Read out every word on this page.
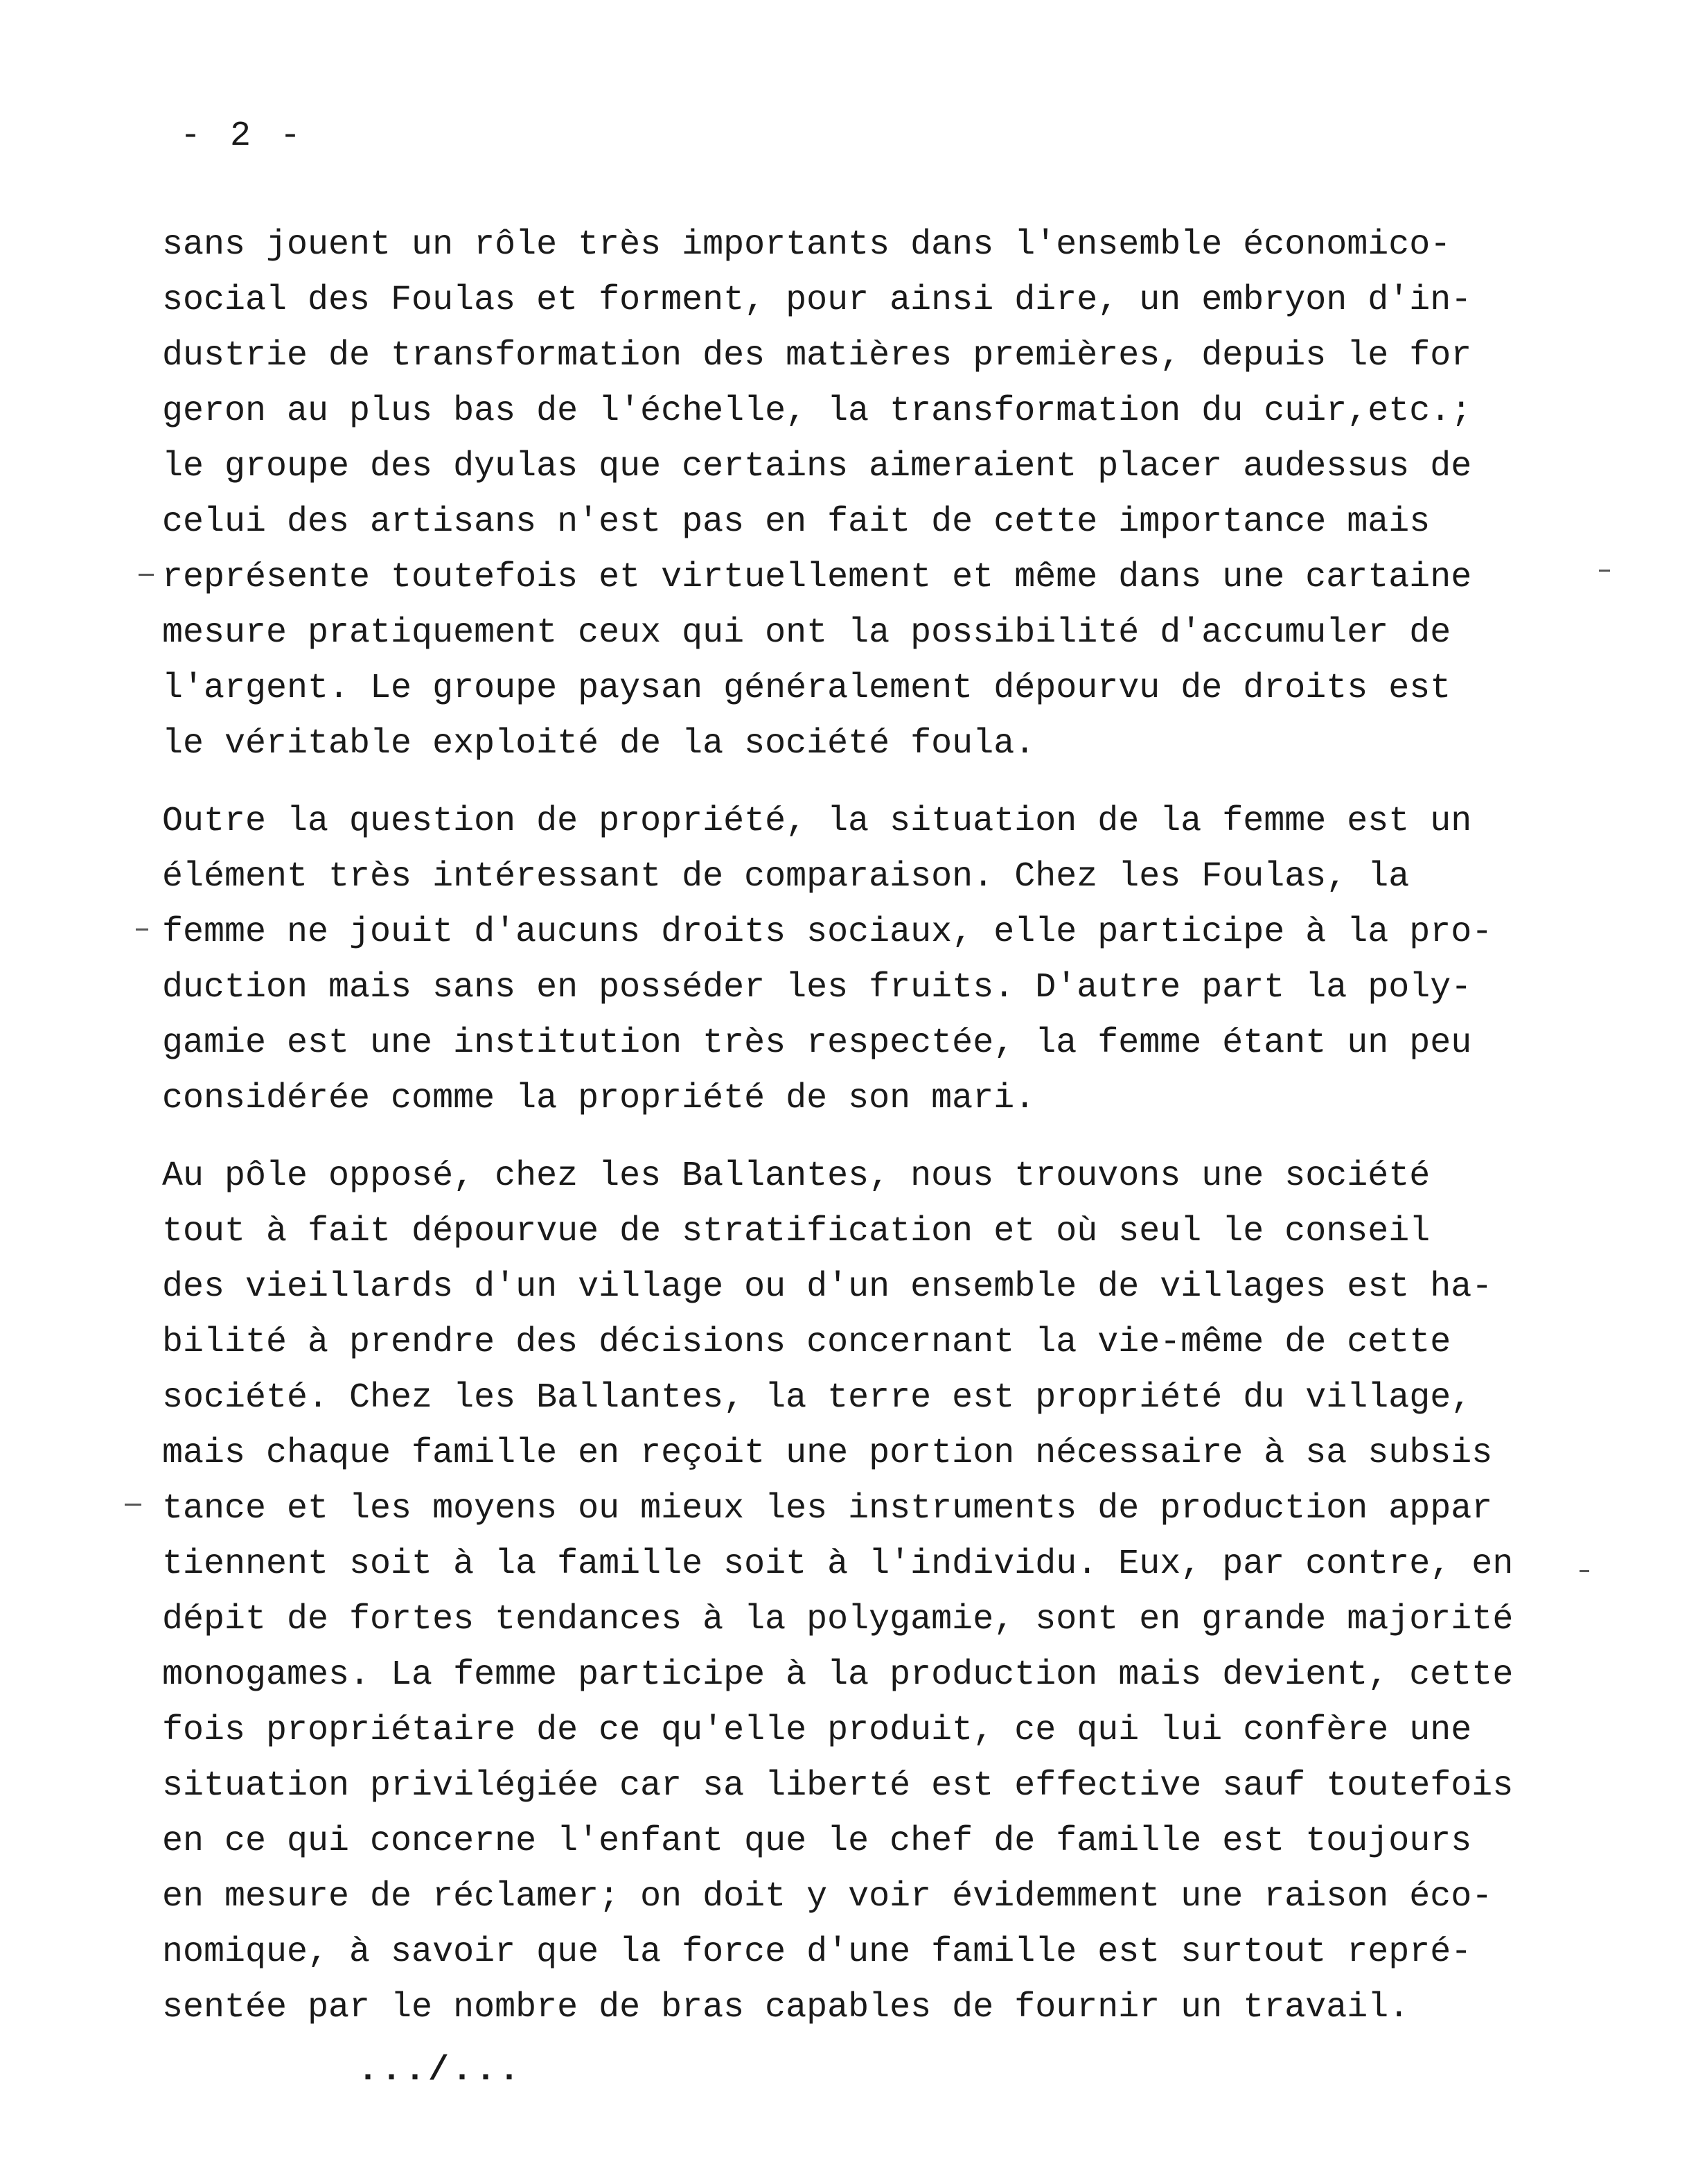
- 2 -
sans jouent un rôle très importants dans l'ensemble économico-
social des Foulas et forment, pour ainsi dire, un embryon d'in-
dustrie de transformation des matières premières, depuis le for
geron au plus bas de l'échelle, la transformation du cuir,etc.;
le groupe des dyulas que certains aimeraient placer audessus de
celui des artisans n'est pas en fait de cette importance mais
représente toutefois et virtuellement et même dans une cartaine
mesure pratiquement ceux qui ont la possibilité d'accumuler de
l'argent. Le groupe paysan généralement dépourvu de droits est
le véritable exploité de la société foula.
Outre la question de propriété, la situation de la femme est un
élément très intéressant de comparaison. Chez les Foulas, la
femme ne jouit d'aucuns droits sociaux, elle participe à la pro-
duction mais sans en posséder les fruits. D'autre part la poly-
gamie est une institution très respectée, la femme étant un peu
considérée comme la propriété de son mari.
Au pôle opposé, chez les Ballantes, nous trouvons une société
tout à fait dépourvue de stratification et où seul le conseil
des vieillards d'un village ou d'un ensemble de villages est ha-
bilité à prendre des décisions concernant la vie-même de cette
société. Chez les Ballantes, la terre est propriété du village,
mais chaque famille en reçoit une portion nécessaire à sa subsis
tance et les moyens ou mieux les instruments de production appar
tiennent soit à la famille soit à l'individu. Eux, par contre, en
dépit de fortes tendances à la polygamie, sont en grande majorité
monogames. La femme participe à la production mais devient, cette
fois propriétaire de ce qu'elle produit, ce qui lui confère une
situation privilégiée car sa liberté est effective sauf toutefois
en ce qui concerne l'enfant que le chef de famille est toujours
en mesure de réclamer; on doit y voir évidemment une raison éco-
nomique, à savoir que la force d'une famille est surtout repré-
sentée par le nombre de bras capables de fournir un travail.
.../...
